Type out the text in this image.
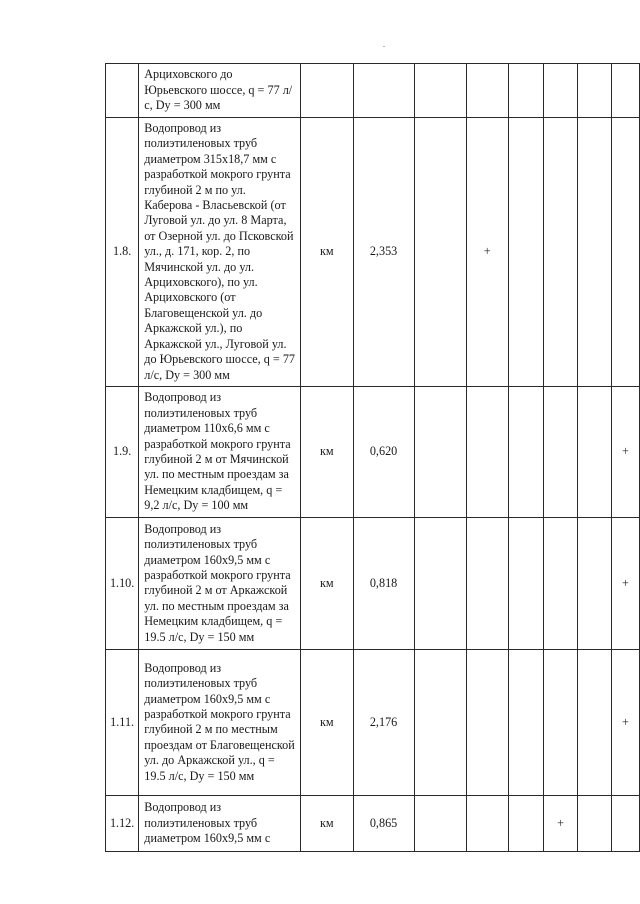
	Арциховского до Юрьевского шоссе, q = 77 л/с, Dу = 300 мм								
1.8.	Водопровод из полиэтиленовых труб диаметром 315х18,7 мм с разработкой мокрого грунта глубиной 2 м по ул. Каберова - Власьевской (от Луговой ул. до ул. 8 Марта, от Озерной ул. до Псковской ул., д. 171, кор. 2, по Мячинской ул. до ул. Арциховского), по ул. Арциховского (от Благовещенской ул. до Аркажской ул.), по Аркажской ул., Луговой ул. до Юрьевского шоссе, q = 77 л/с, Dу = 300 мм	км	2,353		+				
1.9.	Водопровод из полиэтиленовых труб диаметром 110х6,6 мм с разработкой мокрого грунта глубиной 2 м от Мячинской ул. по местным проездам за Немецким кладбищем, q = 9,2 л/с, Dу = 100 мм	км	0,620						+
1.10.	Водопровод из полиэтиленовых труб диаметром 160х9,5 мм с разработкой мокрого грунта глубиной 2 м от Аркажской ул. по местным проездам за Немецким кладбищем, q = 19.5 л/с, Dу = 150 мм	км	0,818						+
1.11.	Водопровод из полиэтиленовых труб диаметром 160х9,5 мм с разработкой мокрого грунта глубиной 2 м по местным проездам от Благовещенской ул. до Аркажской ул., q = 19.5 л/с, Dу = 150 мм	км	2,176						+
1.12.	Водопровод из полиэтиленовых труб диаметром 160х9,5 мм с	км	0,865				+		
